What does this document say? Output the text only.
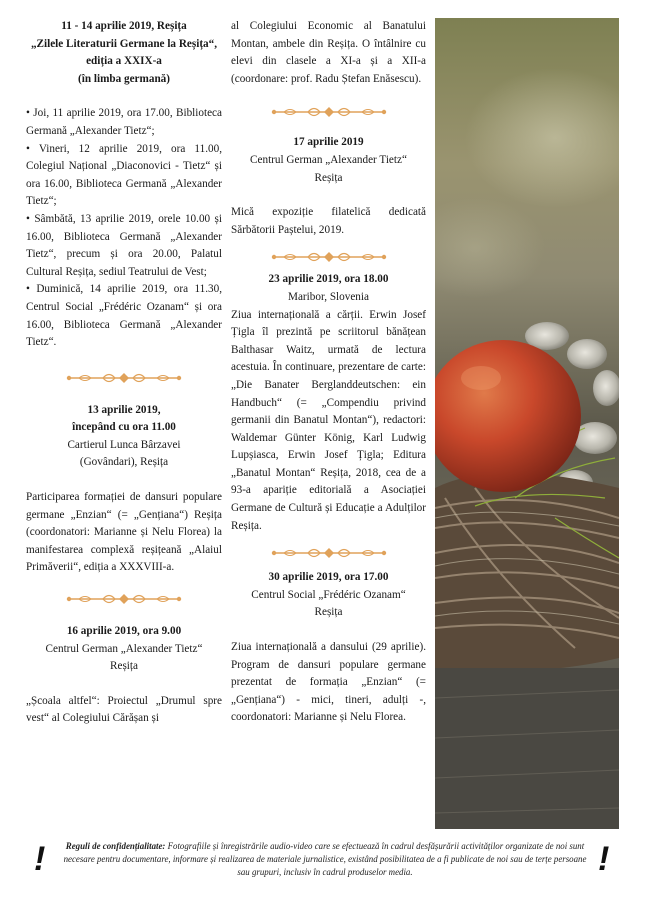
11 - 14 aprilie 2019, Reșița
„Zilele Literaturii Germane la Reșița“, ediția a XXIX-a
(în limba germană)

• Joi, 11 aprilie 2019, ora 17.00, Biblioteca Germană „Alexander Tietz“;

• Vineri, 12 aprilie 2019, ora 11.00, Colegiul Național „Diaconovici - Tietz“ și ora 16.00, Biblioteca Germană „Alexander Tietz“;

• Sâmbătă, 13 aprilie 2019, orele 10.00 și 16.00, Biblioteca Germană „Alexander Tietz“, precum și ora 20.00, Palatul Cultural Reșița, sediul Teatrului de Vest;

• Duminică, 14 aprilie 2019, ora 11.30, Centrul Social „Frédéric Ozanam“ și ora 16.00, Biblioteca Germană „Alexander Tietz“.

13 aprilie 2019,
începând cu ora 11.00
Cartierul Lunca Bârzavei
(Govândari), Reșița

Participarea formației de dansuri populare germane „Enzian“ (= „Gențiana“) Reșița (coordonatori: Marianne și Nelu Florea) la manifestarea complexă reșițeană „Alaiul Primăverii“, ediția a XXXVIII-a.

16 aprilie 2019, ora 9.00
Centrul German „Alexander Tietz“
Reșița

„Școala altfel“: Proiectul „Drumul spre vest“ al Colegiului Cărășan și

al Colegiului Economic al Banatului Montan, ambele din Reșița. O întâlnire cu elevi din clasele a XI-a și a XII-a (coordonare: prof. Radu Ștefan Enăsescu).

17 aprilie 2019
Centrul German „Alexander Tietz“
Reșița

Mică expoziție filatelică dedicată Sărbătorii Paștelui, 2019.

23 aprilie 2019, ora 18.00
Maribor, Slovenia

Ziua internațională a cărții. Erwin Josef Țigla îl prezintă pe scriitorul bănățean Balthasar Waitz, urmată de lectura acestuia. În continuare, prezentare de carte: „Die Banater Berglanddeutschen: ein Handbuch“ (= „Compendiu privind germanii din Banatul Montan“), redactori: Waldemar Günter König, Karl Ludwig Lupșiasca, Erwin Josef Țigla; Editura „Banatul Montan“ Reșița, 2018, cea de a 93-a apariție editorială a Asociației Germane de Cultură și Educație a Adulților Reșița.

30 aprilie 2019, ora 17.00
Centrul Social „Frédéric Ozanam“
Reșița

Ziua internațională a dansului (29 aprilie). Program de dansuri populare germane prezentat de formația „Enzian“ (= „Gențiana“) - mici, tineri, adulți -, coordonatori: Marianne și Nelu Florea.

!	Reguli de confidențialitate: Fotografiile și înregistrările audio-video care se efectuează în cadrul desfășurării activităților organizate de noi sunt necesare pentru documentare, informare și realizarea de materiale jurnalistice, existând posibilitatea de a fi publicate de noi sau de terțe persoane sau grupuri, inclusiv în cadrul produselor media.	!
